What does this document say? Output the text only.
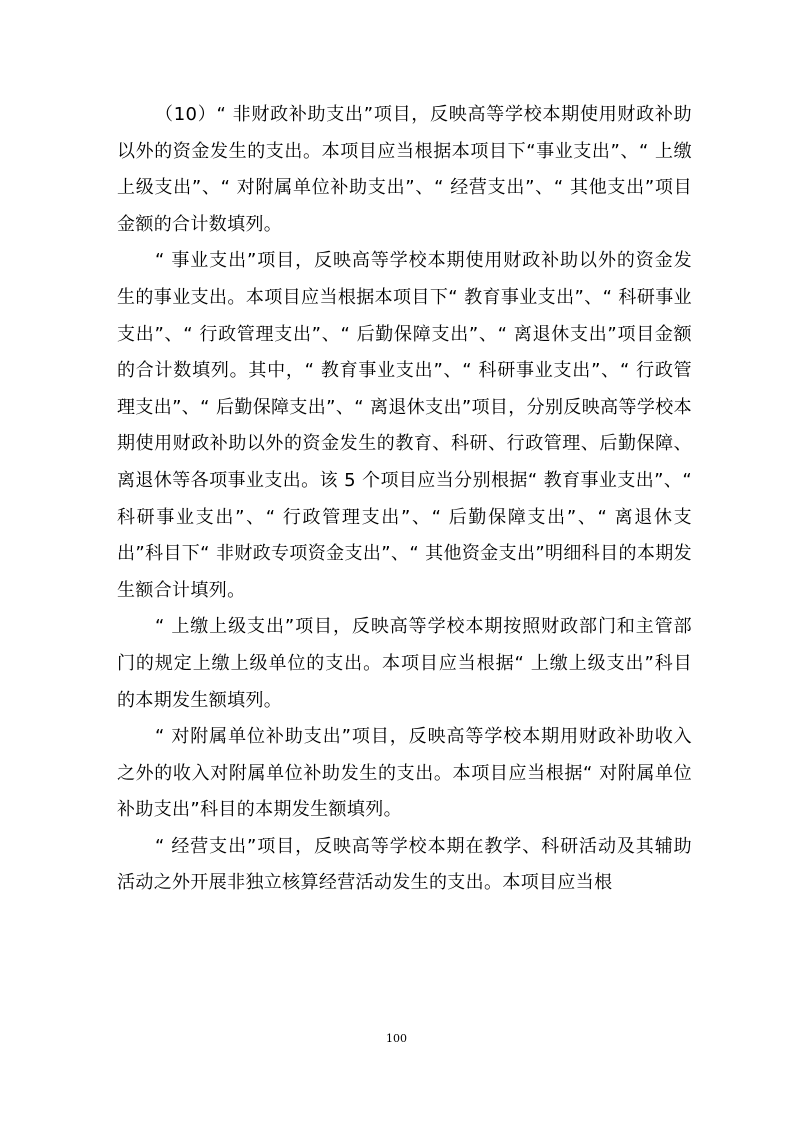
（10）“ 非财政补助支出”项目，反映高等学校本期使用财政补助以外的资金发生的支出。本项目应当根据本项目下“事业支出”、“ 上缴上级支出”、“ 对附属单位补助支出”、“ 经营支出”、“ 其他支出”项目金额的合计数填列。

“ 事业支出”项目，反映高等学校本期使用财政补助以外的资金发生的事业支出。本项目应当根据本项目下“ 教育事业支出”、“ 科研事业支出”、“ 行政管理支出”、“ 后勤保障支出”、“ 离退休支出”项目金额的合计数填列。其中，“ 教育事业支出”、“ 科研事业支出”、“ 行政管理支出”、“ 后勤保障支出”、“ 离退休支出”项目，分别反映高等学校本期使用财政补助以外的资金发生的教育、科研、行政管理、后勤保障、离退休等各项事业支出。该 5 个项目应当分别根据“ 教育事业支出”、“ 科研事业支出”、“ 行政管理支出”、“ 后勤保障支出”、“ 离退休支出”科目下“ 非财政专项资金支出”、“ 其他资金支出”明细科目的本期发生额合计填列。

“ 上缴上级支出”项目，反映高等学校本期按照财政部门和主管部门的规定上缴上级单位的支出。本项目应当根据“ 上缴上级支出”科目的本期发生额填列。

“ 对附属单位补助支出”项目，反映高等学校本期用财政补助收入之外的收入对附属单位补助发生的支出。本项目应当根据“ 对附属单位补助支出”科目的本期发生额填列。

“ 经营支出”项目，反映高等学校本期在教学、科研活动及其辅助活动之外开展非独立核算经营活动发生的支出。本项目应当根

100
